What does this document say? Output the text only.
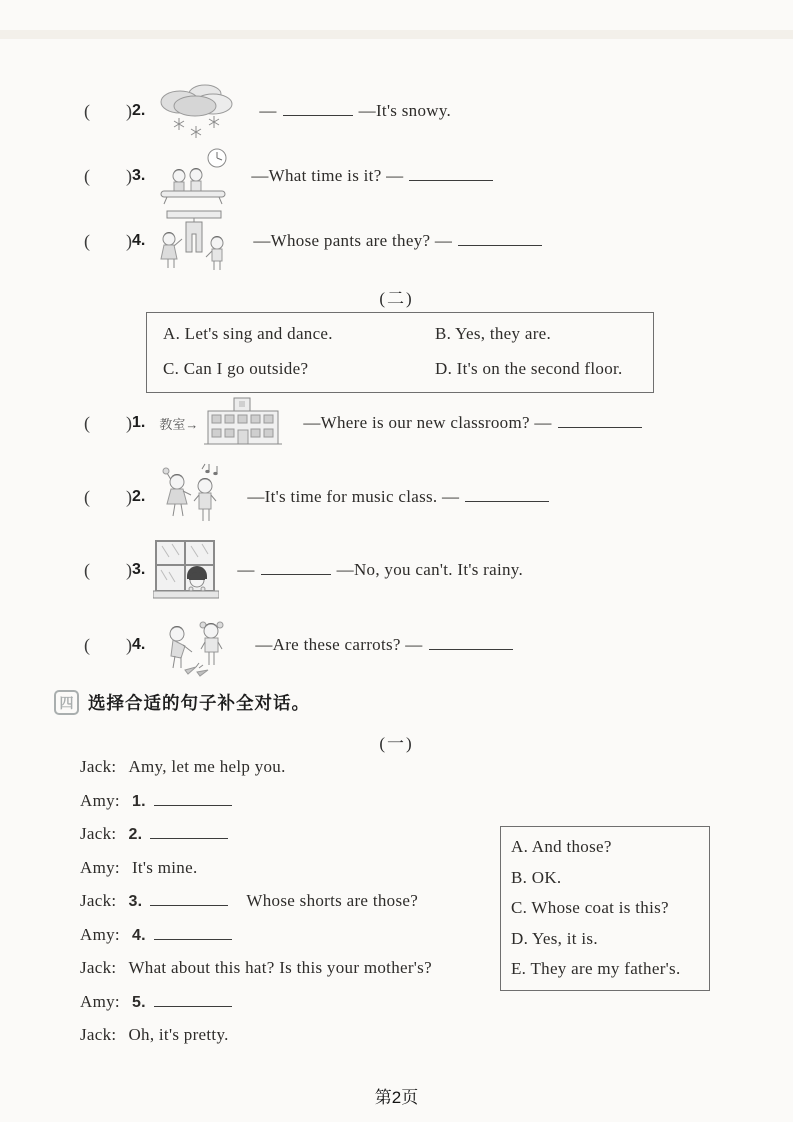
( ) 2.	—	—It's snowy.
( ) 3.	—What time is it? —
( ) 4.	—Whose pants are they? —
(二)
A. Let's sing and dance.	B. Yes, they are.
C. Can I go outside?	D. It's on the second floor.
( ) 1. 教室→	—Where is our new classroom? —
( ) 2.	—It's time for music class. —
( ) 3.	—	—No, you can't. It's rainy.
( ) 4.	—Are these carrots? —
四 选择合适的句子补全对话。
(一)
Jack: Amy, let me help you.
Amy: 1.
Jack: 2.
Amy: It's mine.
Jack: 3.	Whose shorts are those?
Amy: 4.
Jack: What about this hat? Is this your mother's?
Amy: 5.
Jack: Oh, it's pretty.
A. And those?
B. OK.
C. Whose coat is this?
D. Yes, it is.
E. They are my father's.
第2页
